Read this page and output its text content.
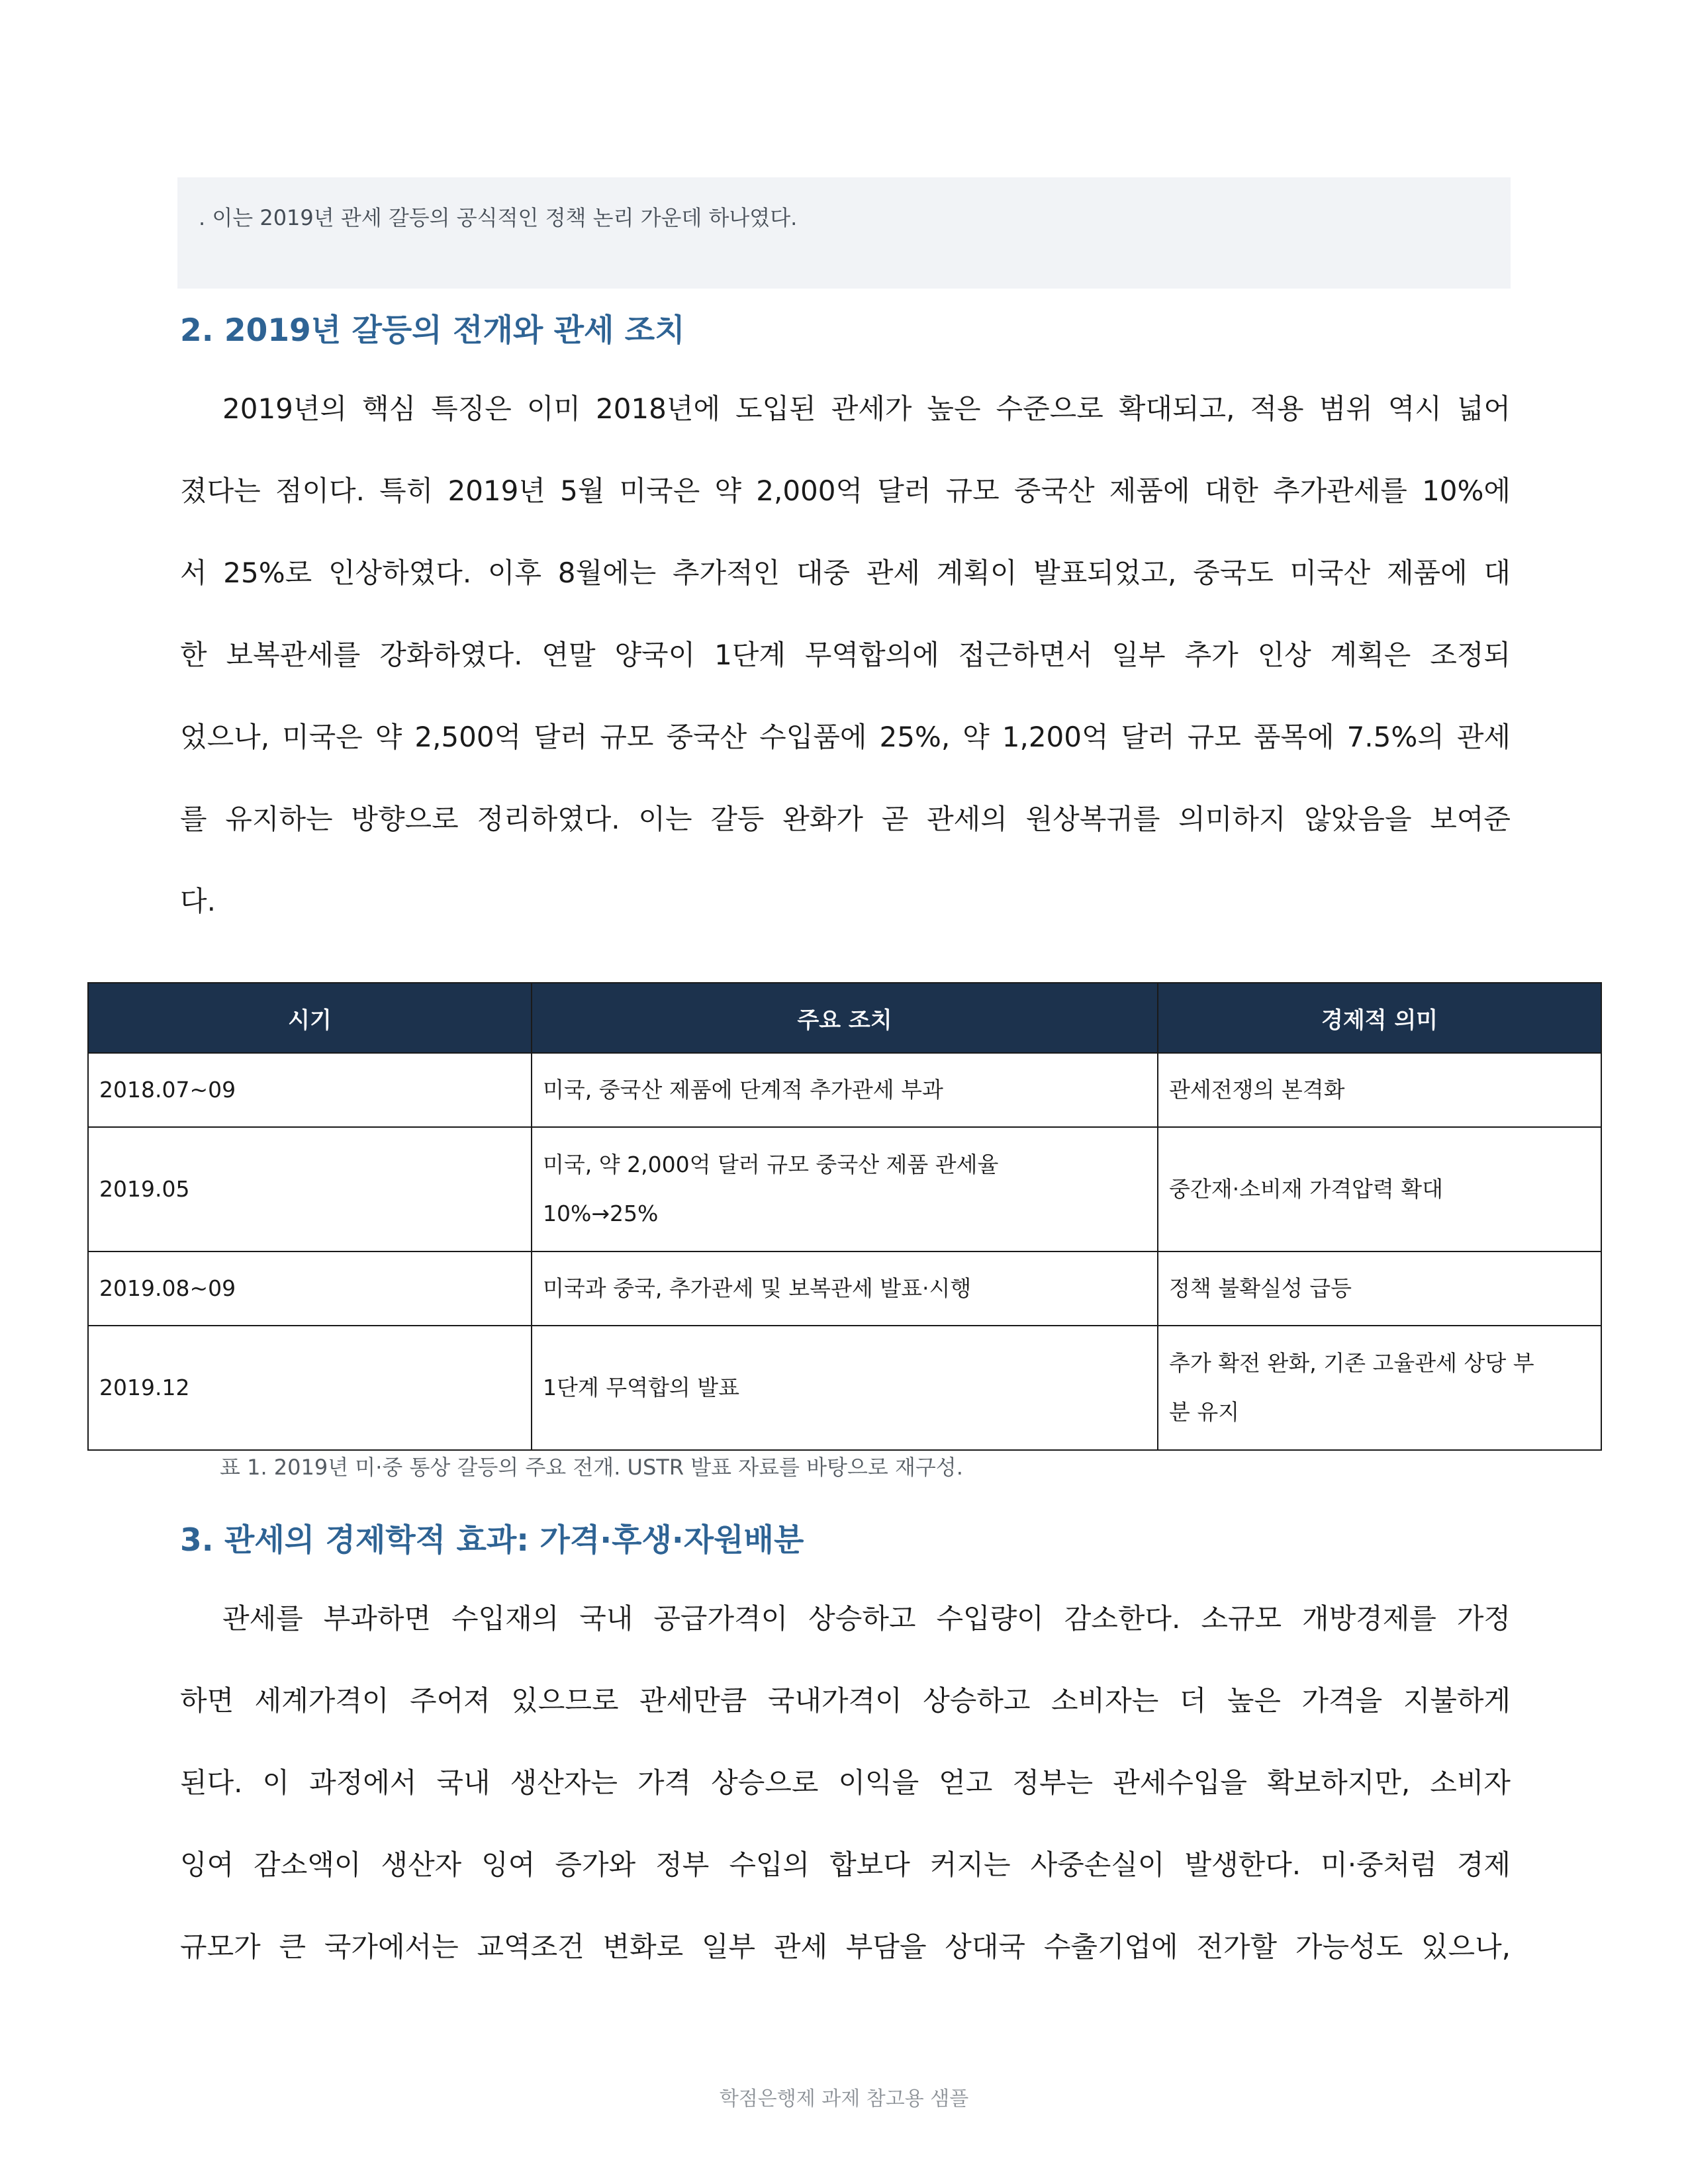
. 이는 2019년 관세 갈등의 공식적인 정책 논리 가운데 하나였다.
2. 2019년 갈등의 전개와 관세 조치
2019년의 핵심 특징은 이미 2018년에 도입된 관세가 높은 수준으로 확대되고, 적용 범위 역시 넓어
졌다는 점이다. 특히 2019년 5월 미국은 약 2,000억 달러 규모 중국산 제품에 대한 추가관세를 10%에
서 25%로 인상하였다. 이후 8월에는 추가적인 대중 관세 계획이 발표되었고, 중국도 미국산 제품에 대
한 보복관세를 강화하였다. 연말 양국이 1단계 무역합의에 접근하면서 일부 추가 인상 계획은 조정되
었으나, 미국은 약 2,500억 달러 규모 중국산 수입품에 25%, 약 1,200억 달러 규모 품목에 7.5%의 관세
를 유지하는 방향으로 정리하였다. 이는 갈등 완화가 곧 관세의 원상복귀를 의미하지 않았음을 보여준
다.
시기	주요 조치	경제적 의미
2018.07~09	미국, 중국산 제품에 단계적 추가관세 부과	관세전쟁의 본격화
2019.05	미국, 약 2,000억 달러 규모 중국산 제품 관세율
10%→25%	중간재·소비재 가격압력 확대
2019.08~09	미국과 중국, 추가관세 및 보복관세 발표·시행	정책 불확실성 급등
2019.12	1단계 무역합의 발표	추가 확전 완화, 기존 고율관세 상당 부
분 유지
표 1. 2019년 미·중 통상 갈등의 주요 전개. USTR 발표 자료를 바탕으로 재구성.
3. 관세의 경제학적 효과: 가격·후생·자원배분
관세를 부과하면 수입재의 국내 공급가격이 상승하고 수입량이 감소한다. 소규모 개방경제를 가정
하면 세계가격이 주어져 있으므로 관세만큼 국내가격이 상승하고 소비자는 더 높은 가격을 지불하게
된다. 이 과정에서 국내 생산자는 가격 상승으로 이익을 얻고 정부는 관세수입을 확보하지만, 소비자
잉여 감소액이 생산자 잉여 증가와 정부 수입의 합보다 커지는 사중손실이 발생한다. 미·중처럼 경제
규모가 큰 국가에서는 교역조건 변화로 일부 관세 부담을 상대국 수출기업에 전가할 가능성도 있으나,
학점은행제 과제 참고용 샘플
